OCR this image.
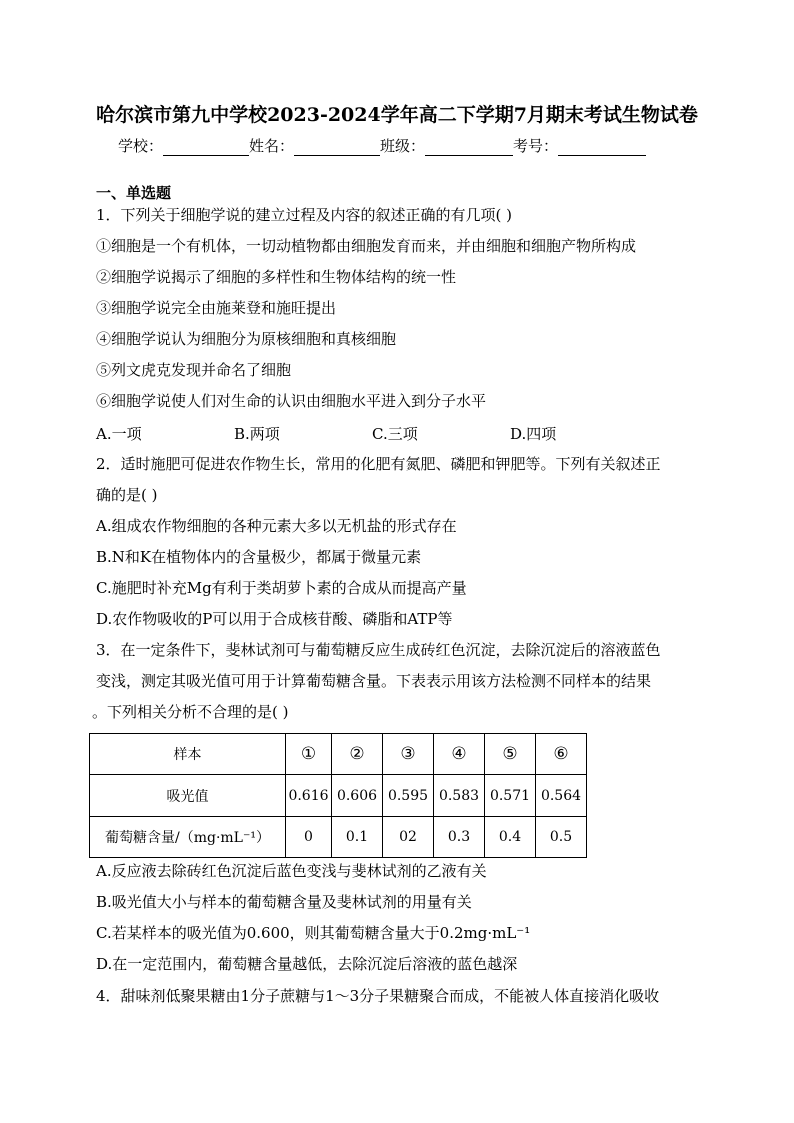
哈尔滨市第九中学校2023-2024学年高二下学期7月期末考试生物试卷
学校：	姓名：	班级：	考号：
一、单选题
1．下列关于细胞学说的建立过程及内容的叙述正确的有几项( )
①细胞是一个有机体，一切动植物都由细胞发育而来，并由细胞和细胞产物所构成
②细胞学说揭示了细胞的多样性和生物体结构的统一性
③细胞学说完全由施莱登和施旺提出
④细胞学说认为细胞分为原核细胞和真核细胞
⑤列文虎克发现并命名了细胞
⑥细胞学说使人们对生命的认识由细胞水平进入到分子水平
A.一项	B.两项	C.三项	D.四项
2．适时施肥可促进农作物生长，常用的化肥有氮肥、磷肥和钾肥等。下列有关叙述正
确的是( )
A.组成农作物细胞的各种元素大多以无机盐的形式存在
B.N和K在植物体内的含量极少，都属于微量元素
C.施肥时补充Mg有利于类胡萝卜素的合成从而提高产量
D.农作物吸收的P可以用于合成核苷酸、磷脂和ATP等
3．在一定条件下，斐林试剂可与葡萄糖反应生成砖红色沉淀，去除沉淀后的溶液蓝色
变浅，测定其吸光值可用于计算葡萄糖含量。下表表示用该方法检测不同样本的结果
。下列相关分析不合理的是( )
样本	①	②	③	④	⑤	⑥
吸光值	0.616	0.606	0.595	0.583	0.571	0.564
葡萄糖含量/（mg·mL⁻¹）	0	0.1	02	0.3	0.4	0.5
A.反应液去除砖红色沉淀后蓝色变浅与斐林试剂的乙液有关
B.吸光值大小与样本的葡萄糖含量及斐林试剂的用量有关
C.若某样本的吸光值为0.600，则其葡萄糖含量大于0.2mg·mL⁻¹
D.在一定范围内，葡萄糖含量越低，去除沉淀后溶液的蓝色越深
4．甜味剂低聚果糖由1分子蔗糖与1～3分子果糖聚合而成，不能被人体直接消化吸收
